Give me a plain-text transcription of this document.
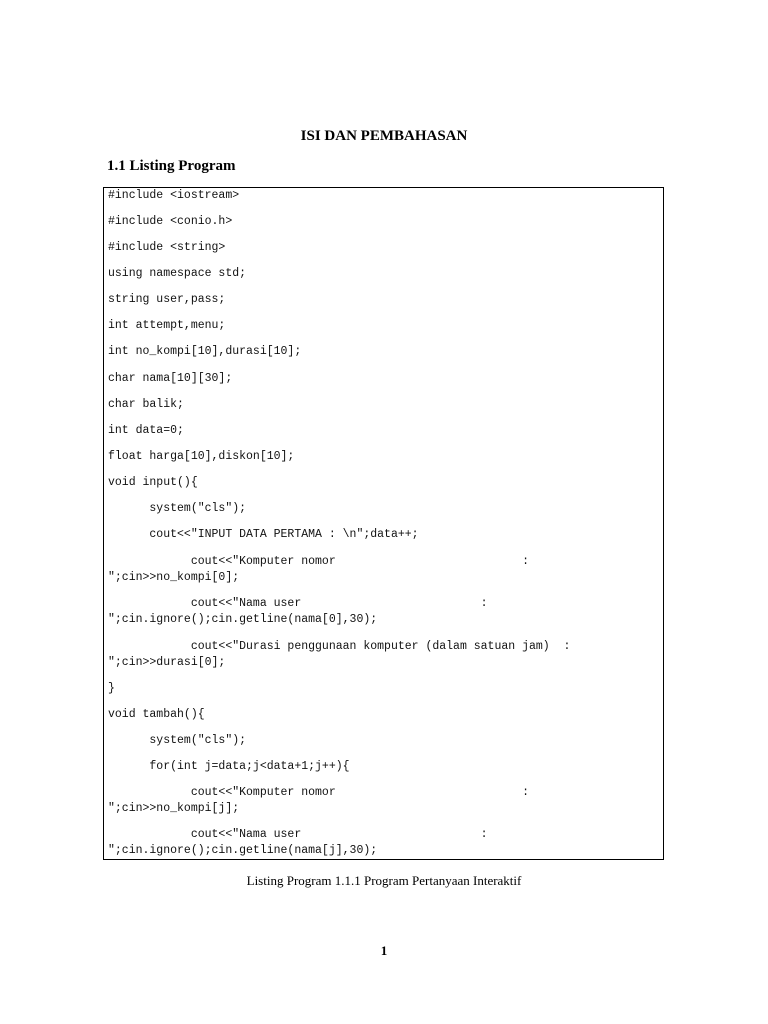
ISI DAN PEMBAHASAN
1.1 Listing Program
#include <iostream>
#include <conio.h>
#include <string>
using namespace std;
string user,pass;
int attempt,menu;
int no_kompi[10],durasi[10];
char nama[10][30];
char balik;
int data=0;
float harga[10],diskon[10];
void input(){
system("cls");
cout<<"INPUT DATA PERTAMA : \n";data++;
cout<<"Komputer nomor                           :
";cin>>no_kompi[0];
cout<<"Nama user                          :
";cin.ignore();cin.getline(nama[0],30);
cout<<"Durasi penggunaan komputer (dalam satuan jam)  :
";cin>>durasi[0];
}
void tambah(){
system("cls");
for(int j=data;j<data+1;j++){
cout<<"Komputer nomor                           :
";cin>>no_kompi[j];
cout<<"Nama user                          :
";cin.ignore();cin.getline(nama[j],30);

Listing Program 1.1.1 Program Pertanyaan Interaktif

1
